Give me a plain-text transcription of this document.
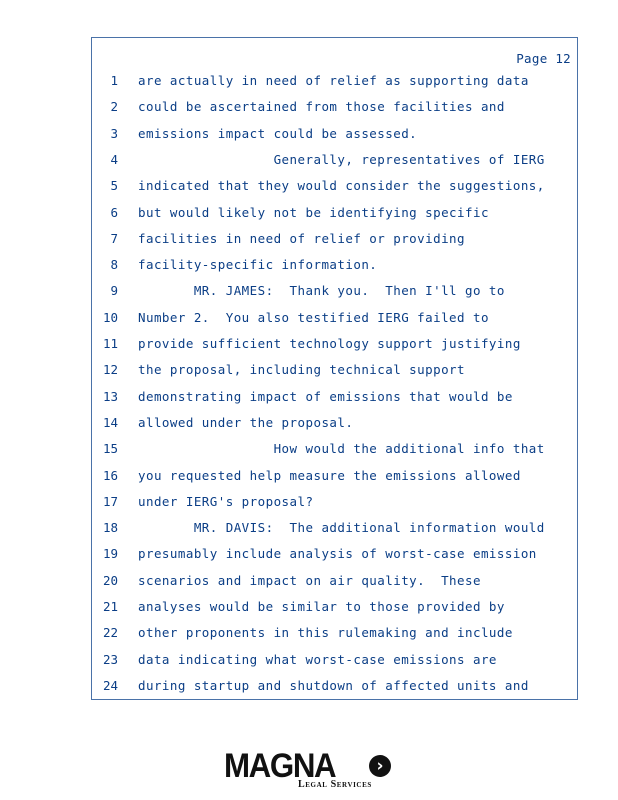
Page 12
1 are actually in need of relief as supporting data
2 could be ascertained from those facilities and
3 emissions impact could be assessed.
4 Generally, representatives of IERG
5 indicated that they would consider the suggestions,
6 but would likely not be identifying specific
7 facilities in need of relief or providing
8 facility-specific information.
9 MR. JAMES:  Thank you.  Then I'll go to
10 Number 2.  You also testified IERG failed to
11 provide sufficient technology support justifying
12 the proposal, including technical support
13 demonstrating impact of emissions that would be
14 allowed under the proposal.
15 How would the additional info that
16 you requested help measure the emissions allowed
17 under IERG's proposal?
18 MR. DAVIS:  The additional information would
19 presumably include analysis of worst-case emission
20 scenarios and impact on air quality.  These
21 analyses would be similar to those provided by
22 other proponents in this rulemaking and include
23 data indicating what worst-case emissions are
24 during startup and shutdown of affected units and
MAGNA	›
Legal Services
